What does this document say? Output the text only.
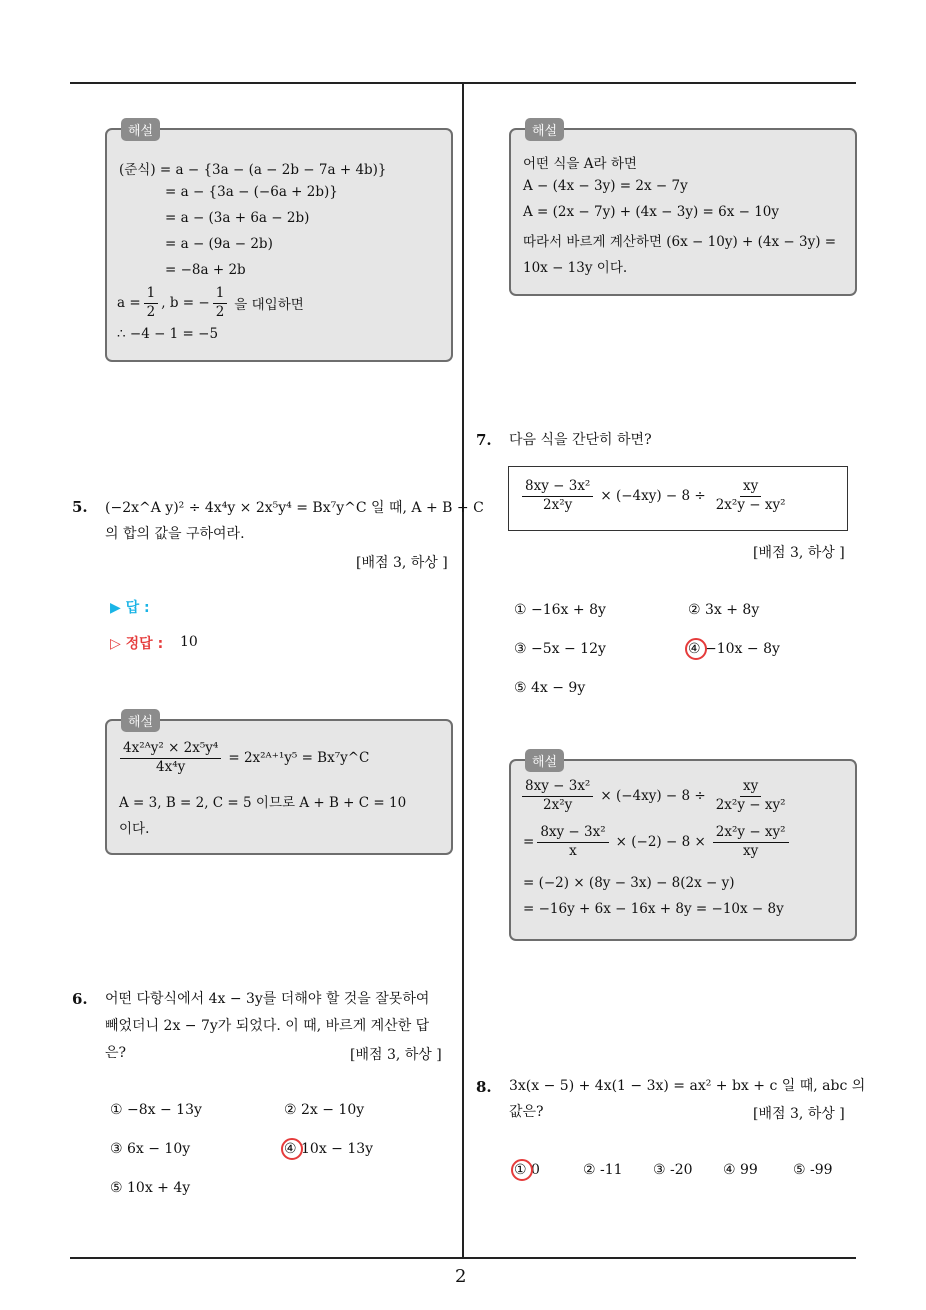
2
해설
(준식) = a − {3a − (a − 2b − 7a + 4b)}
= a − {3a − (−6a + 2b)}
= a − (3a + 6a − 2b)
= a − (9a − 2b)
= −8a + 2b
$a = \frac{1}{2}$ , b = − $\frac{1}{2}$ 을 대입하면
∴ −4 − 1 = −5
5. (−2x^A y)² ÷ 4x⁴y × 2x⁵y⁴ = Bx⁷y^C 일 때, A + B + C
의 합의 값을 구하여라.
[배점 3, 하상 ]
▶ 답 :
▷ 정답 : 10
해설
$\frac{\text{4x²ᴬy² × 2x⁵y⁴}}{\text{4x⁴y}}$ = 2x²ᴬ⁺¹y⁵ = Bx⁷y^C
A = 3, B = 2, C = 5 이므로 A + B + C = 10
이다.
6. 어떤 다항식에서 4x − 3y를 더해야 할 것을 잘못하여
빼었더니 2x − 7y가 되었다. 이 때, 바르게 계산한 답
은?	[배점 3, 하상 ]
① −8x − 13y	② 2x − 10y
③ 6x − 10y	④ 10x − 13y
⑤ 10x + 4y
해설
어떤 식을 A라 하면
A − (4x − 3y) = 2x − 7y
A = (2x − 7y) + (4x − 3y) = 6x − 10y
따라서 바르게 계산하면 (6x − 10y) + (4x − 3y) =
10x − 13y 이다.
7. 다음 식을 간단히 하면?
$\frac{\text{8xy − 3x²}}{\text{2x²y}} \times (-4xy) - 8 \div \frac{xy}{\text{2x²y − xy²}}$
[배점 3, 하상 ]
① −16x + 8y	② 3x + 8y
③ −5x − 12y	④ −10x − 8y
⑤ 4x − 9y
해설
$\frac{\text{8xy − 3x²}}{\text{2x²y}} \times (-4xy) - 8 \div \frac{xy}{\text{2x²y − xy²}}$
= $\frac{\text{8xy − 3x²}}{x} \times (-2) - 8 \times \frac{\text{2x²y − xy²}}{xy}$
= (−2) × (8y − 3x) − 8(2x − y)
= −16y + 6x − 16x + 8y = −10x − 8y
8. 3x(x − 5) + 4x(1 − 3x) = ax² + bx + c 일 때, abc 의
값은?	[배점 3, 하상 ]
① 0	② -11 ③ -20 ④ 99	⑤ -99
